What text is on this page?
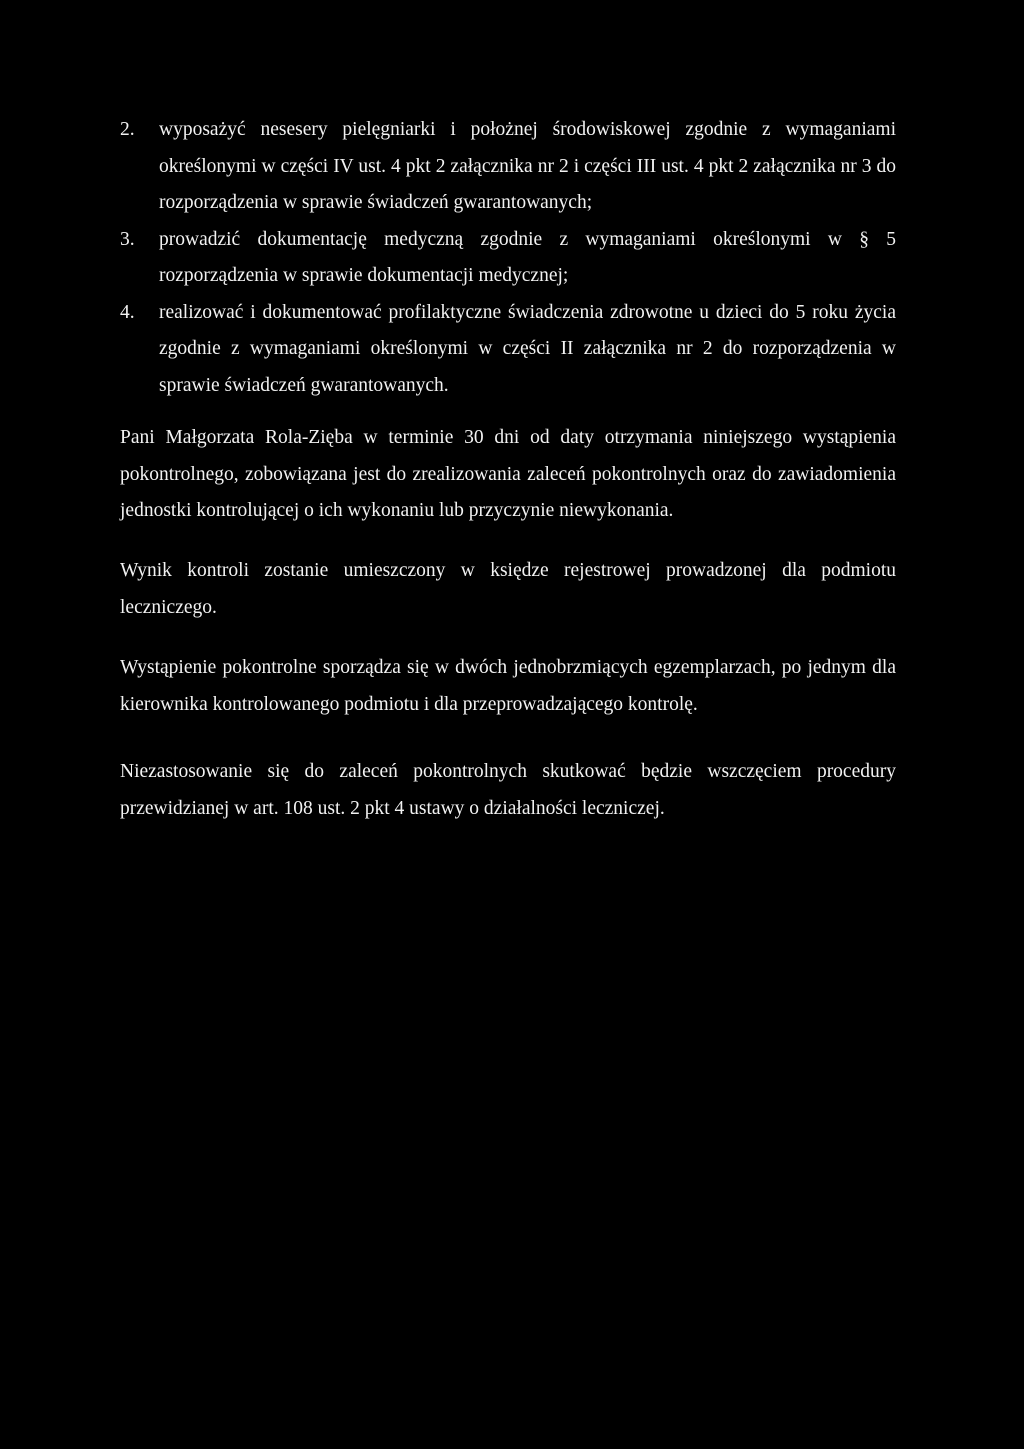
2. wyposażyć nesesery pielęgniarki i położnej środowiskowej zgodnie z wymaganiami określonymi w części IV ust. 4 pkt 2 załącznika nr 2 i części III ust. 4 pkt 2 załącznika nr 3 do rozporządzenia w sprawie świadczeń gwarantowanych;

3. prowadzić dokumentację medyczną zgodnie z wymaganiami określonymi w § 5 rozporządzenia w sprawie dokumentacji medycznej;

4. realizować i dokumentować profilaktyczne świadczenia zdrowotne u dzieci do 5 roku życia zgodnie z wymaganiami określonymi w części II załącznika nr 2 do rozporządzenia w sprawie świadczeń gwarantowanych.

Pani Małgorzata Rola-Zięba w terminie 30 dni od daty otrzymania niniejszego wystąpienia pokontrolnego, zobowiązana jest do zrealizowania zaleceń pokontrolnych oraz do zawiadomienia jednostki kontrolującej o ich wykonaniu lub przyczynie niewykonania.

Wynik kontroli zostanie umieszczony w księdze rejestrowej prowadzonej dla podmiotu leczniczego.

Wystąpienie pokontrolne sporządza się w dwóch jednobrzmiących egzemplarzach, po jednym dla kierownika kontrolowanego podmiotu i dla przeprowadzającego kontrolę.

Niezastosowanie się do zaleceń pokontrolnych skutkować będzie wszczęciem procedury przewidzianej w art. 108 ust. 2 pkt 4 ustawy o działalności leczniczej.
